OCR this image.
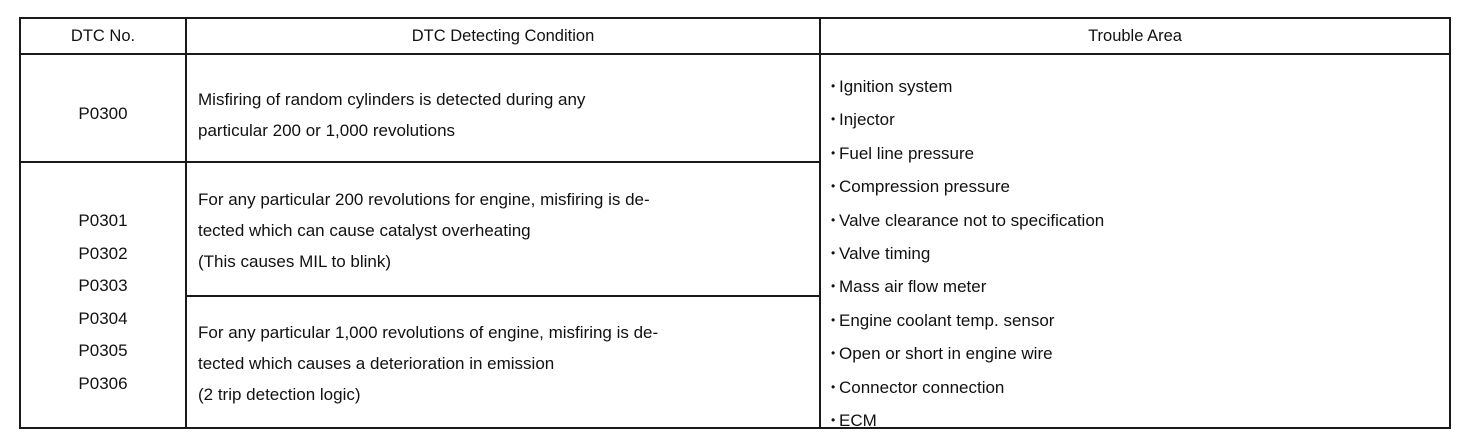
DTC No.	DTC Detecting Condition	Trouble Area
P0300
Misfiring of random cylinders is detected during any
particular 200 or 1,000 revolutions
P0301
P0302
P0303
P0304
P0305
P0306
For any particular 200 revolutions for engine, misfiring is de-
tected which can cause catalyst overheating
(This causes MIL to blink)
For any particular 1,000 revolutions of engine, misfiring is de-
tected which causes a deterioration in emission
(2 trip detection logic)
• Ignition system
• Injector
• Fuel line pressure
• Compression pressure
• Valve clearance not to specification
• Valve timing
• Mass air flow meter
• Engine coolant temp. sensor
• Open or short in engine wire
• Connector connection
• ECM
